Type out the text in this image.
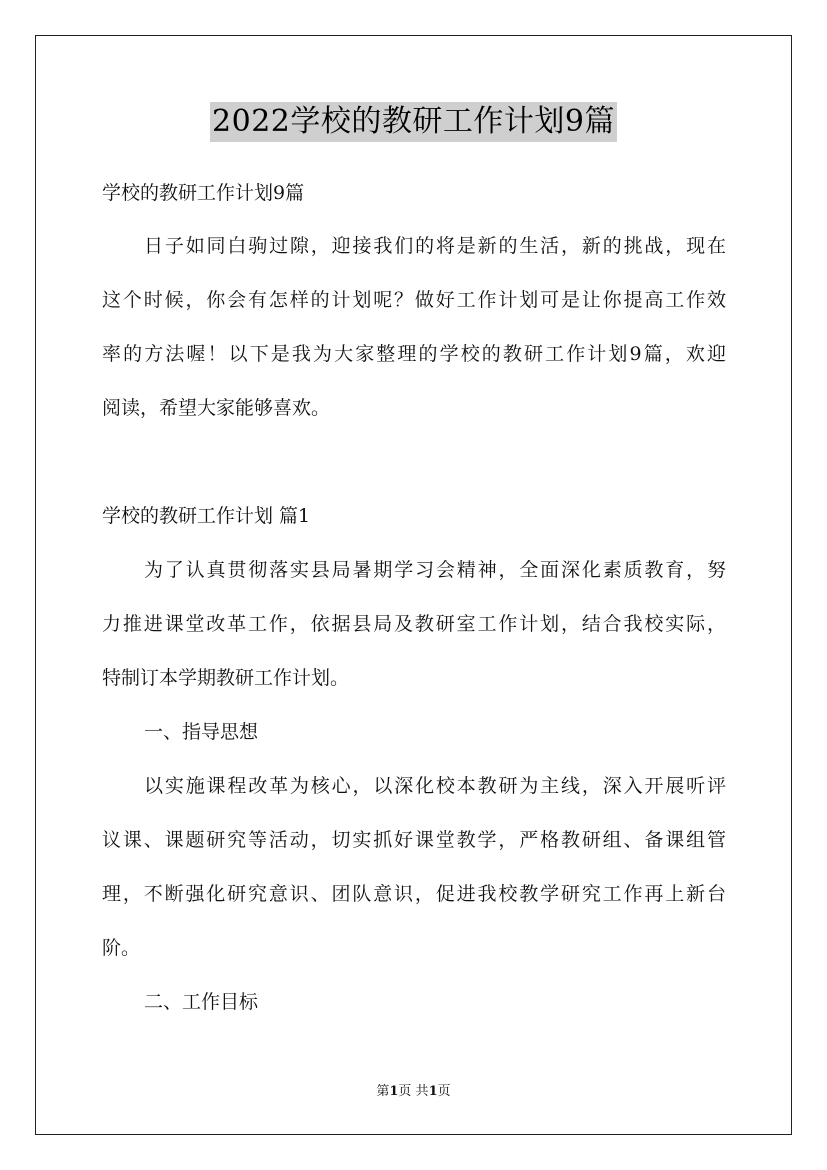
2022学校的教研工作计划9篇
学校的教研工作计划9篇
日子如同白驹过隙，迎接我们的将是新的生活，新的挑战，现在
这个时候，你会有怎样的计划呢？做好工作计划可是让你提高工作效
率的方法喔！以下是我为大家整理的学校的教研工作计划9篇，欢迎
阅读，希望大家能够喜欢。
学校的教研工作计划 篇1
为了认真贯彻落实县局暑期学习会精神，全面深化素质教育，努
力推进课堂改革工作，依据县局及教研室工作计划，结合我校实际，
特制订本学期教研工作计划。
一、指导思想
以实施课程改革为核心，以深化校本教研为主线，深入开展听评
议课、课题研究等活动，切实抓好课堂教学，严格教研组、备课组管
理，不断强化研究意识、团队意识，促进我校教学研究工作再上新台
阶。
二、工作目标
第1页 共1页
